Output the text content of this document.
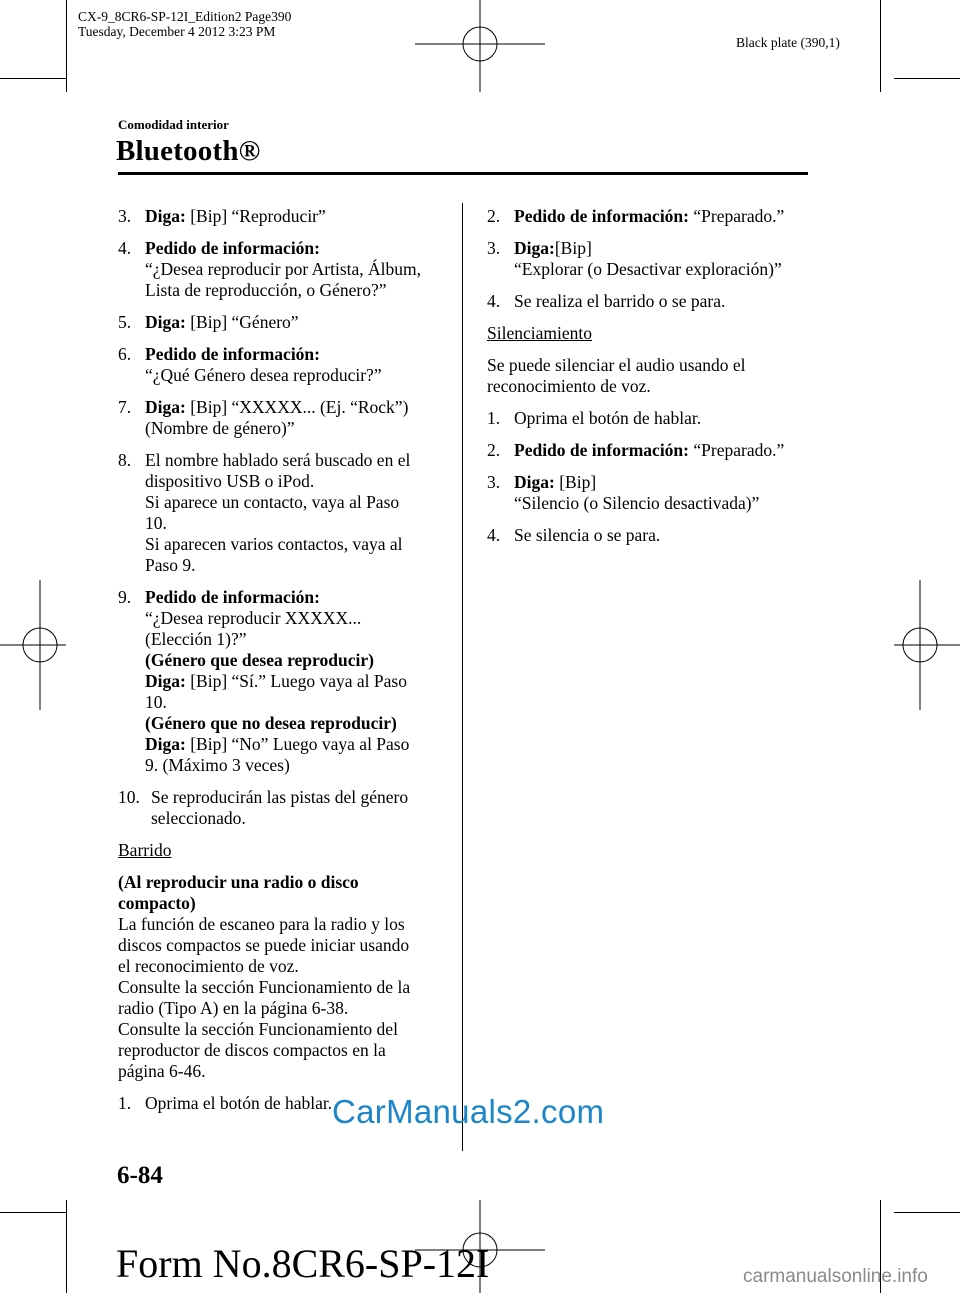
CX-9_8CR6-SP-12I_Edition2 Page390
Tuesday, December 4 2012 3:23 PM
Black plate (390,1)
Comodidad interior
Bluetooth®
3. Diga: [Bip] “Reproducir”
4. Pedido de información:
“¿Desea reproducir por Artista, Álbum,
Lista de reproducción, o Género?”
5. Diga: [Bip] “Género”
6. Pedido de información:
“¿Qué Género desea reproducir?”
7. Diga: [Bip] “XXXXX... (Ej. “Rock”)
(Nombre de género)”
8. El nombre hablado será buscado en el
dispositivo USB o iPod.
Si aparece un contacto, vaya al Paso
10.
Si aparecen varios contactos, vaya al
Paso 9.
9. Pedido de información:
“¿Desea reproducir XXXXX...
(Elección 1)?”
(Género que desea reproducir)
Diga: [Bip] “Sí.” Luego vaya al Paso
10.
(Género que no desea reproducir)
Diga: [Bip] “No” Luego vaya al Paso
9. (Máximo 3 veces)
10. Se reproducirán las pistas del género
seleccionado.
Barrido
(Al reproducir una radio o disco
compacto)
La función de escaneo para la radio y los
discos compactos se puede iniciar usando
el reconocimiento de voz.
Consulte la sección Funcionamiento de la
radio (Tipo A) en la página 6-38.
Consulte la sección Funcionamiento del
reproductor de discos compactos en la
página 6-46.
1. Oprima el botón de hablar.
2. Pedido de información: “Preparado.”
3. Diga:[Bip]
“Explorar (o Desactivar exploración)”
4. Se realiza el barrido o se para.
Silenciamiento
Se puede silenciar el audio usando el
reconocimiento de voz.
1. Oprima el botón de hablar.
2. Pedido de información: “Preparado.”
3. Diga: [Bip]
“Silencio (o Silencio desactivada)”
4. Se silencia o se para.
CarManuals2.com
6-84
Form No.8CR6-SP-12I	carmanualsonline.info
